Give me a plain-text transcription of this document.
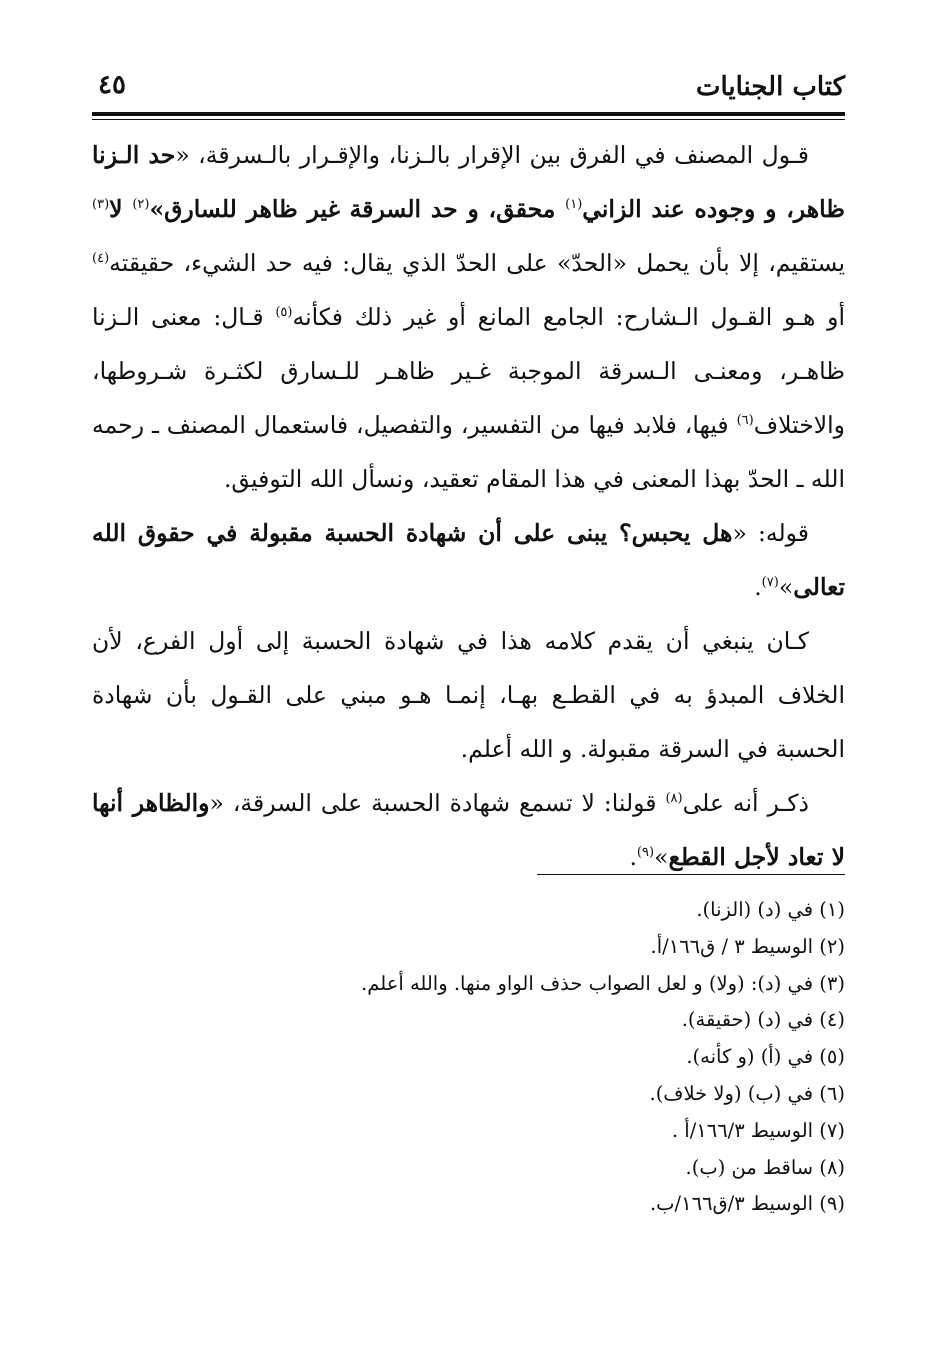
كتاب الجنايات
٤٥

قـول المصنف في الفرق بين الإقرار بالـزنا، والإقـرار بالـسرقة، «حد الـزنا ظاهر، و وجوده عند الزاني$^{(١)}$ محقق، و حد السرقة غير ظاهر للسارق»$^{(٢)}$ لا$^{(٣)}$ يستقيم، إلا بأن يحمل «الحدّ» على الحدّ الذي يقال: فيه حد الشيء، حقيقته$^{(٤)}$ أو هـو القـول الـشارح: الجامع المانع أو غير ذلك فكأنه$^{(٥)}$ قـال: معنى الـزنا ظاهـر، ومعنـى الـسرقة الموجبة غـير ظاهـر للـسارق لكثـرة شـروطها، والاختلاف$^{(٦)}$ فيها، فلابد فيها من التفسير، والتفصيل، فاستعمال المصنف ـ رحمه الله ـ الحدّ بهذا المعنى في هذا المقام تعقيد، ونسأل الله التوفيق.

قوله: «هل يحبس؟ يبنى على أن شهادة الحسبة مقبولة في حقوق الله تعالى»$^{(٧)}$.

كـان ينبغي أن يقدم كلامه هذا في شهادة الحسبة إلى أول الفرع، لأن الخلاف المبدؤ به في القطـع بهـا، إنمـا هـو مبني على القـول بأن شهادة الحسبة في السرقة مقبولة. و الله أعلم.

ذكـر أنه على$^{(٨)}$ قولنا: لا تسمع شهادة الحسبة على السرقة، «والظاهر أنها لا تعاد لأجل القطع»$^{(٩)}$.

(١) في (د) (الزنا).
(٢) الوسيط ٣ / ق١٦٦/أ.
(٣) في (د): (ولا) و لعل الصواب حذف الواو منها. والله أعلم.
(٤) في (د) (حقيقة).
(٥) في (أ) (و كأنه).
(٦) في (ب) (ولا خلاف).
(٧) الوسيط ١٦٦/٣/أ .
(٨) ساقط من (ب).
(٩) الوسيط ٣/ق١٦٦/ب.
